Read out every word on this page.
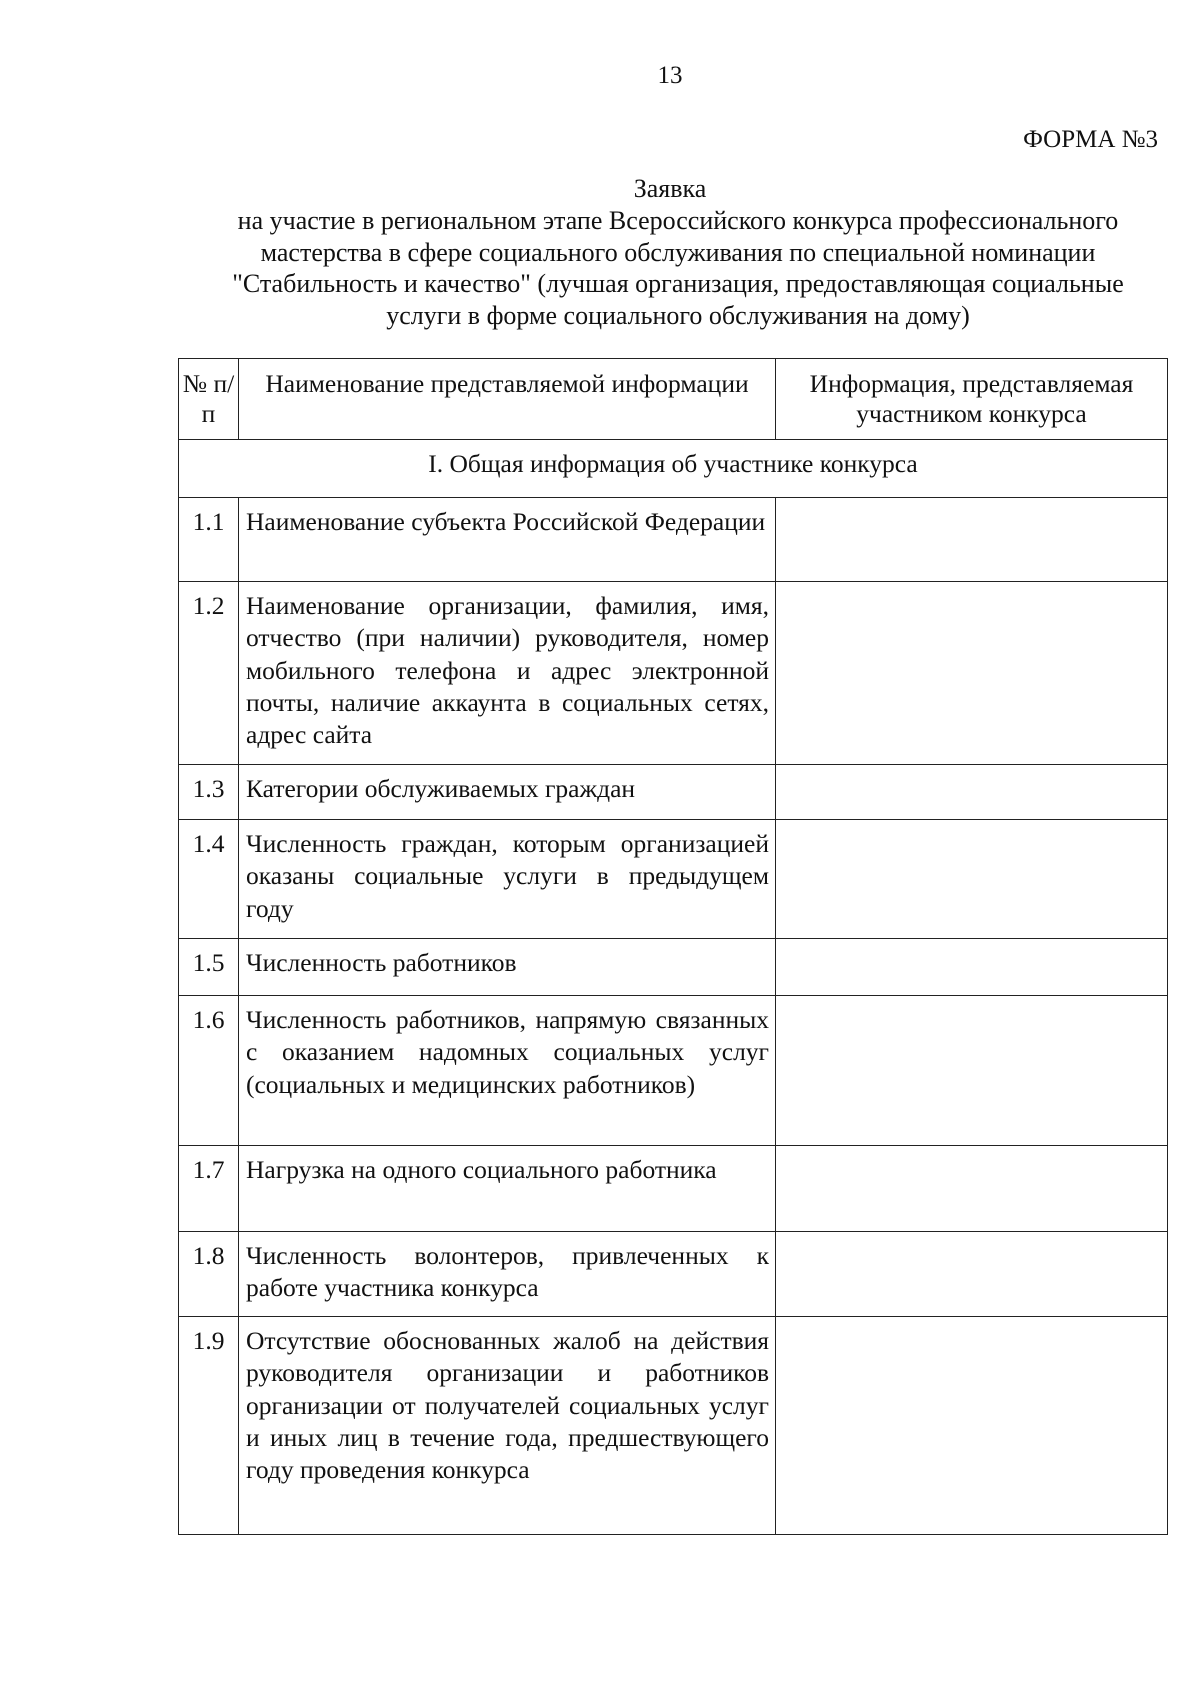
13
ФОРМА №3
Заявка
на участие в региональном этапе Всероссийского конкурса профессионального
мастерства в сфере социального обслуживания по специальной номинации
"Стабильность и качество" (лучшая организация, предоставляющая социальные
услуги в форме социального обслуживания на дому)
№ п/п	Наименование представляемой информации	Информация, представляемая участником конкурса
I. Общая информация об участнике конкурса		
1.1	Наименование субъекта Российской Федерации	
1.2	Наименование организации, фамилия, имя, отчество (при наличии) руководителя, номер мобильного телефона и адрес электронной почты, наличие аккаунта в социальных сетях, адрес сайта	
1.3	Категории обслуживаемых граждан	
1.4	Численность граждан, которым организацией оказаны социальные услуги в предыдущем году	
1.5	Численность работников	
1.6	Численность работников, напрямую связанных с оказанием надомных социальных услуг (социальных и медицинских работников)	
1.7	Нагрузка на одного социального работника	
1.8	Численность волонтеров, привлеченных к работе участника конкурса	
1.9	Отсутствие обоснованных жалоб на действия руководителя организации и работников организации от получателей социальных услуг и иных лиц в течение года, предшествующего году проведения конкурса	
